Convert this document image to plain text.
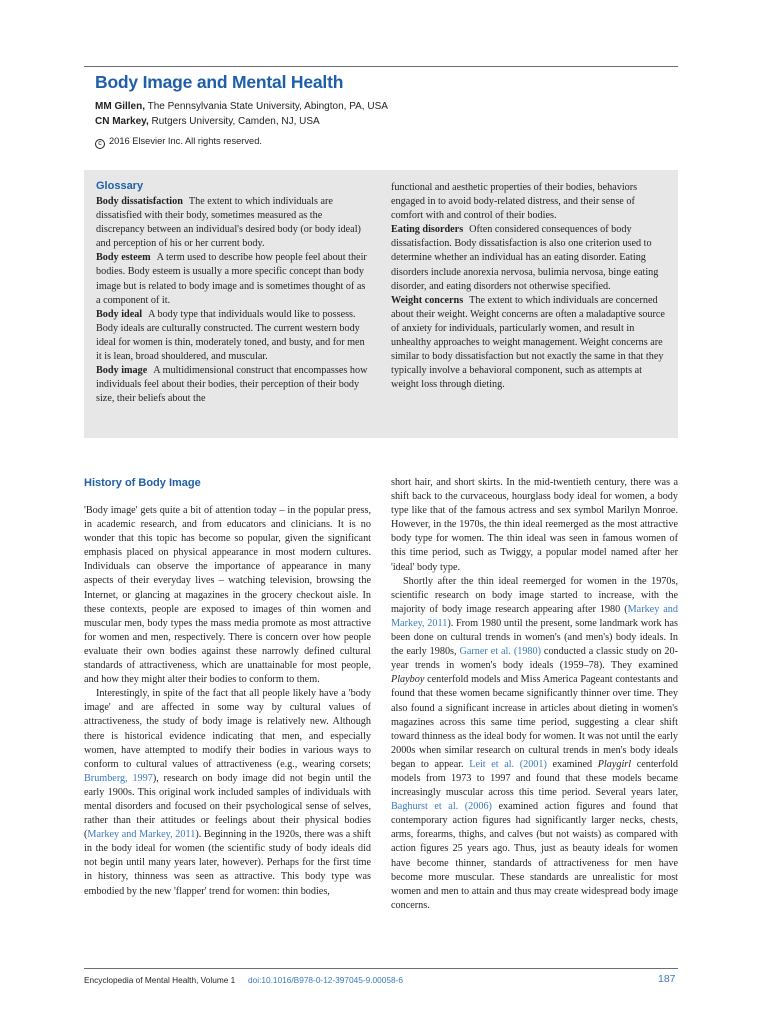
Body Image and Mental Health
MM Gillen, The Pennsylvania State University, Abington, PA, USA
CN Markey, Rutgers University, Camden, NJ, USA
c 2016 Elsevier Inc. All rights reserved.
Glossary

Body dissatisfaction The extent to which individuals are dissatisfied with their body, sometimes measured as the discrepancy between an individual's desired body (or body ideal) and perception of his or her current body.

Body esteem A term used to describe how people feel about their bodies. Body esteem is usually a more specific concept than body image but is related to body image and is sometimes thought of as a component of it.

Body ideal A body type that individuals would like to possess. Body ideals are culturally constructed. The current western body ideal for women is thin, moderately toned, and busty, and for men it is lean, broad shouldered, and muscular.

Body image A multidimensional construct that encompasses how individuals feel about their bodies, their perception of their body size, their beliefs about the

functional and aesthetic properties of their bodies, behaviors engaged in to avoid body-related distress, and their sense of comfort with and control of their bodies.

Eating disorders Often considered consequences of body dissatisfaction. Body dissatisfaction is also one criterion used to determine whether an individual has an eating disorder. Eating disorders include anorexia nervosa, bulimia nervosa, binge eating disorder, and eating disorders not otherwise specified.

Weight concerns The extent to which individuals are concerned about their weight. Weight concerns are often a maladaptive source of anxiety for individuals, particularly women, and result in unhealthy approaches to weight management. Weight concerns are similar to body dissatisfaction but not exactly the same in that they typically involve a behavioral component, such as attempts at weight loss through dieting.

History of Body Image

'Body image' gets quite a bit of attention today – in the popular press, in academic research, and from educators and clinicians. It is no wonder that this topic has become so popular, given the significant emphasis placed on physical appearance in most modern cultures. Individuals can observe the importance of appearance in many aspects of their everyday lives – watching television, browsing the Internet, or glancing at magazines in the grocery checkout aisle. In these contexts, people are exposed to images of thin women and muscular men, body types the mass media promote as most attractive for women and men, respectively. There is concern over how people evaluate their own bodies against these narrowly defined cultural standards of attractiveness, which are unattainable for most people, and how they might alter their bodies to conform to them.

Interestingly, in spite of the fact that all people likely have a 'body image' and are affected in some way by cultural values of attractiveness, the study of body image is relatively new. Although there is historical evidence indicating that men, and especially women, have attempted to modify their bodies in various ways to conform to cultural values of attractiveness (e.g., wearing corsets; Brumberg, 1997), research on body image did not begin until the early 1900s. This original work included samples of individuals with mental disorders and focused on their psychological sense of selves, rather than their attitudes or feelings about their physical bodies (Markey and Markey, 2011). Beginning in the 1920s, there was a shift in the body ideal for women (the scientific study of body ideals did not begin until many years later, however). Perhaps for the first time in history, thinness was seen as attractive. This body type was embodied by the new 'flapper' trend for women: thin bodies,

short hair, and short skirts. In the mid-twentieth century, there was a shift back to the curvaceous, hourglass body ideal for women, a body type like that of the famous actress and sex symbol Marilyn Monroe. However, in the 1970s, the thin ideal reemerged as the most attractive body type for women. The thin ideal was seen in famous women of this time period, such as Twiggy, a popular model named after her 'ideal' body type.

Shortly after the thin ideal reemerged for women in the 1970s, scientific research on body image started to increase, with the majority of body image research appearing after 1980 (Markey and Markey, 2011). From 1980 until the present, some landmark work has been done on cultural trends in women's (and men's) body ideals. In the early 1980s, Garner et al. (1980) conducted a classic study on 20-year trends in women's body ideals (1959–78). They examined Playboy centerfold models and Miss America Pageant contestants and found that these women became significantly thinner over time. They also found a significant increase in articles about dieting in women's magazines across this same time period, suggesting a clear shift toward thinness as the ideal body for women. It was not until the early 2000s when similar research on cultural trends in men's body ideals began to appear. Leit et al. (2001) examined Playgirl centerfold models from 1973 to 1997 and found that these models became increasingly muscular across this time period. Several years later, Baghurst et al. (2006) examined action figures and found that contemporary action figures had significantly larger necks, chests, arms, forearms, thighs, and calves (but not waists) as compared with action figures 25 years ago. Thus, just as beauty ideals for women have become thinner, standards of attractiveness for men have become more muscular. These standards are unrealistic for most women and men to attain and thus may create widespread body image concerns.

Encyclopedia of Mental Health, Volume 1 doi:10.1016/B978-0-12-397045-9.00058-6	187
